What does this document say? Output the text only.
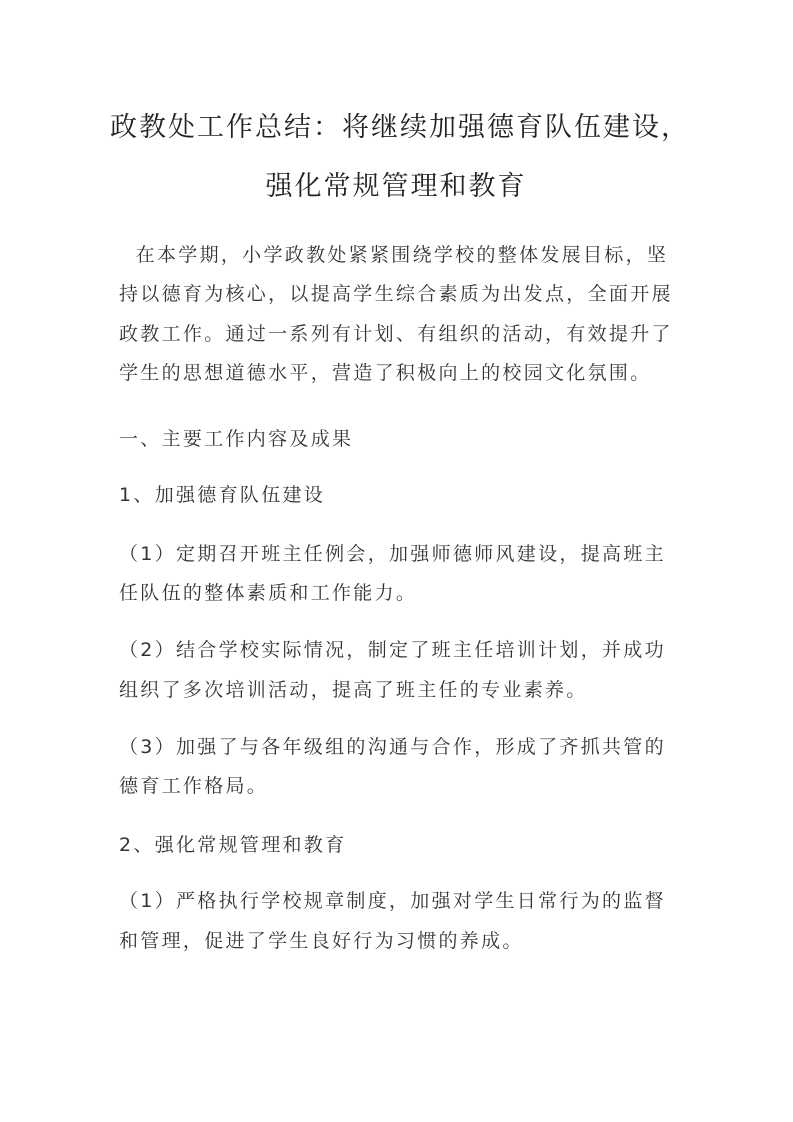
政教处工作总结：将继续加强德育队伍建设，
强化常规管理和教育
在本学期，小学政教处紧紧围绕学校的整体发展目标，坚
持以德育为核心，以提高学生综合素质为出发点，全面开展
政教工作。通过一系列有计划、有组织的活动，有效提升了
学生的思想道德水平，营造了积极向上的校园文化氛围。
一、主要工作内容及成果
1、加强德育队伍建设
（1）定期召开班主任例会，加强师德师风建设，提高班主
任队伍的整体素质和工作能力。
（2）结合学校实际情况，制定了班主任培训计划，并成功
组织了多次培训活动，提高了班主任的专业素养。
（3）加强了与各年级组的沟通与合作，形成了齐抓共管的
德育工作格局。
2、强化常规管理和教育
（1）严格执行学校规章制度，加强对学生日常行为的监督
和管理，促进了学生良好行为习惯的养成。
